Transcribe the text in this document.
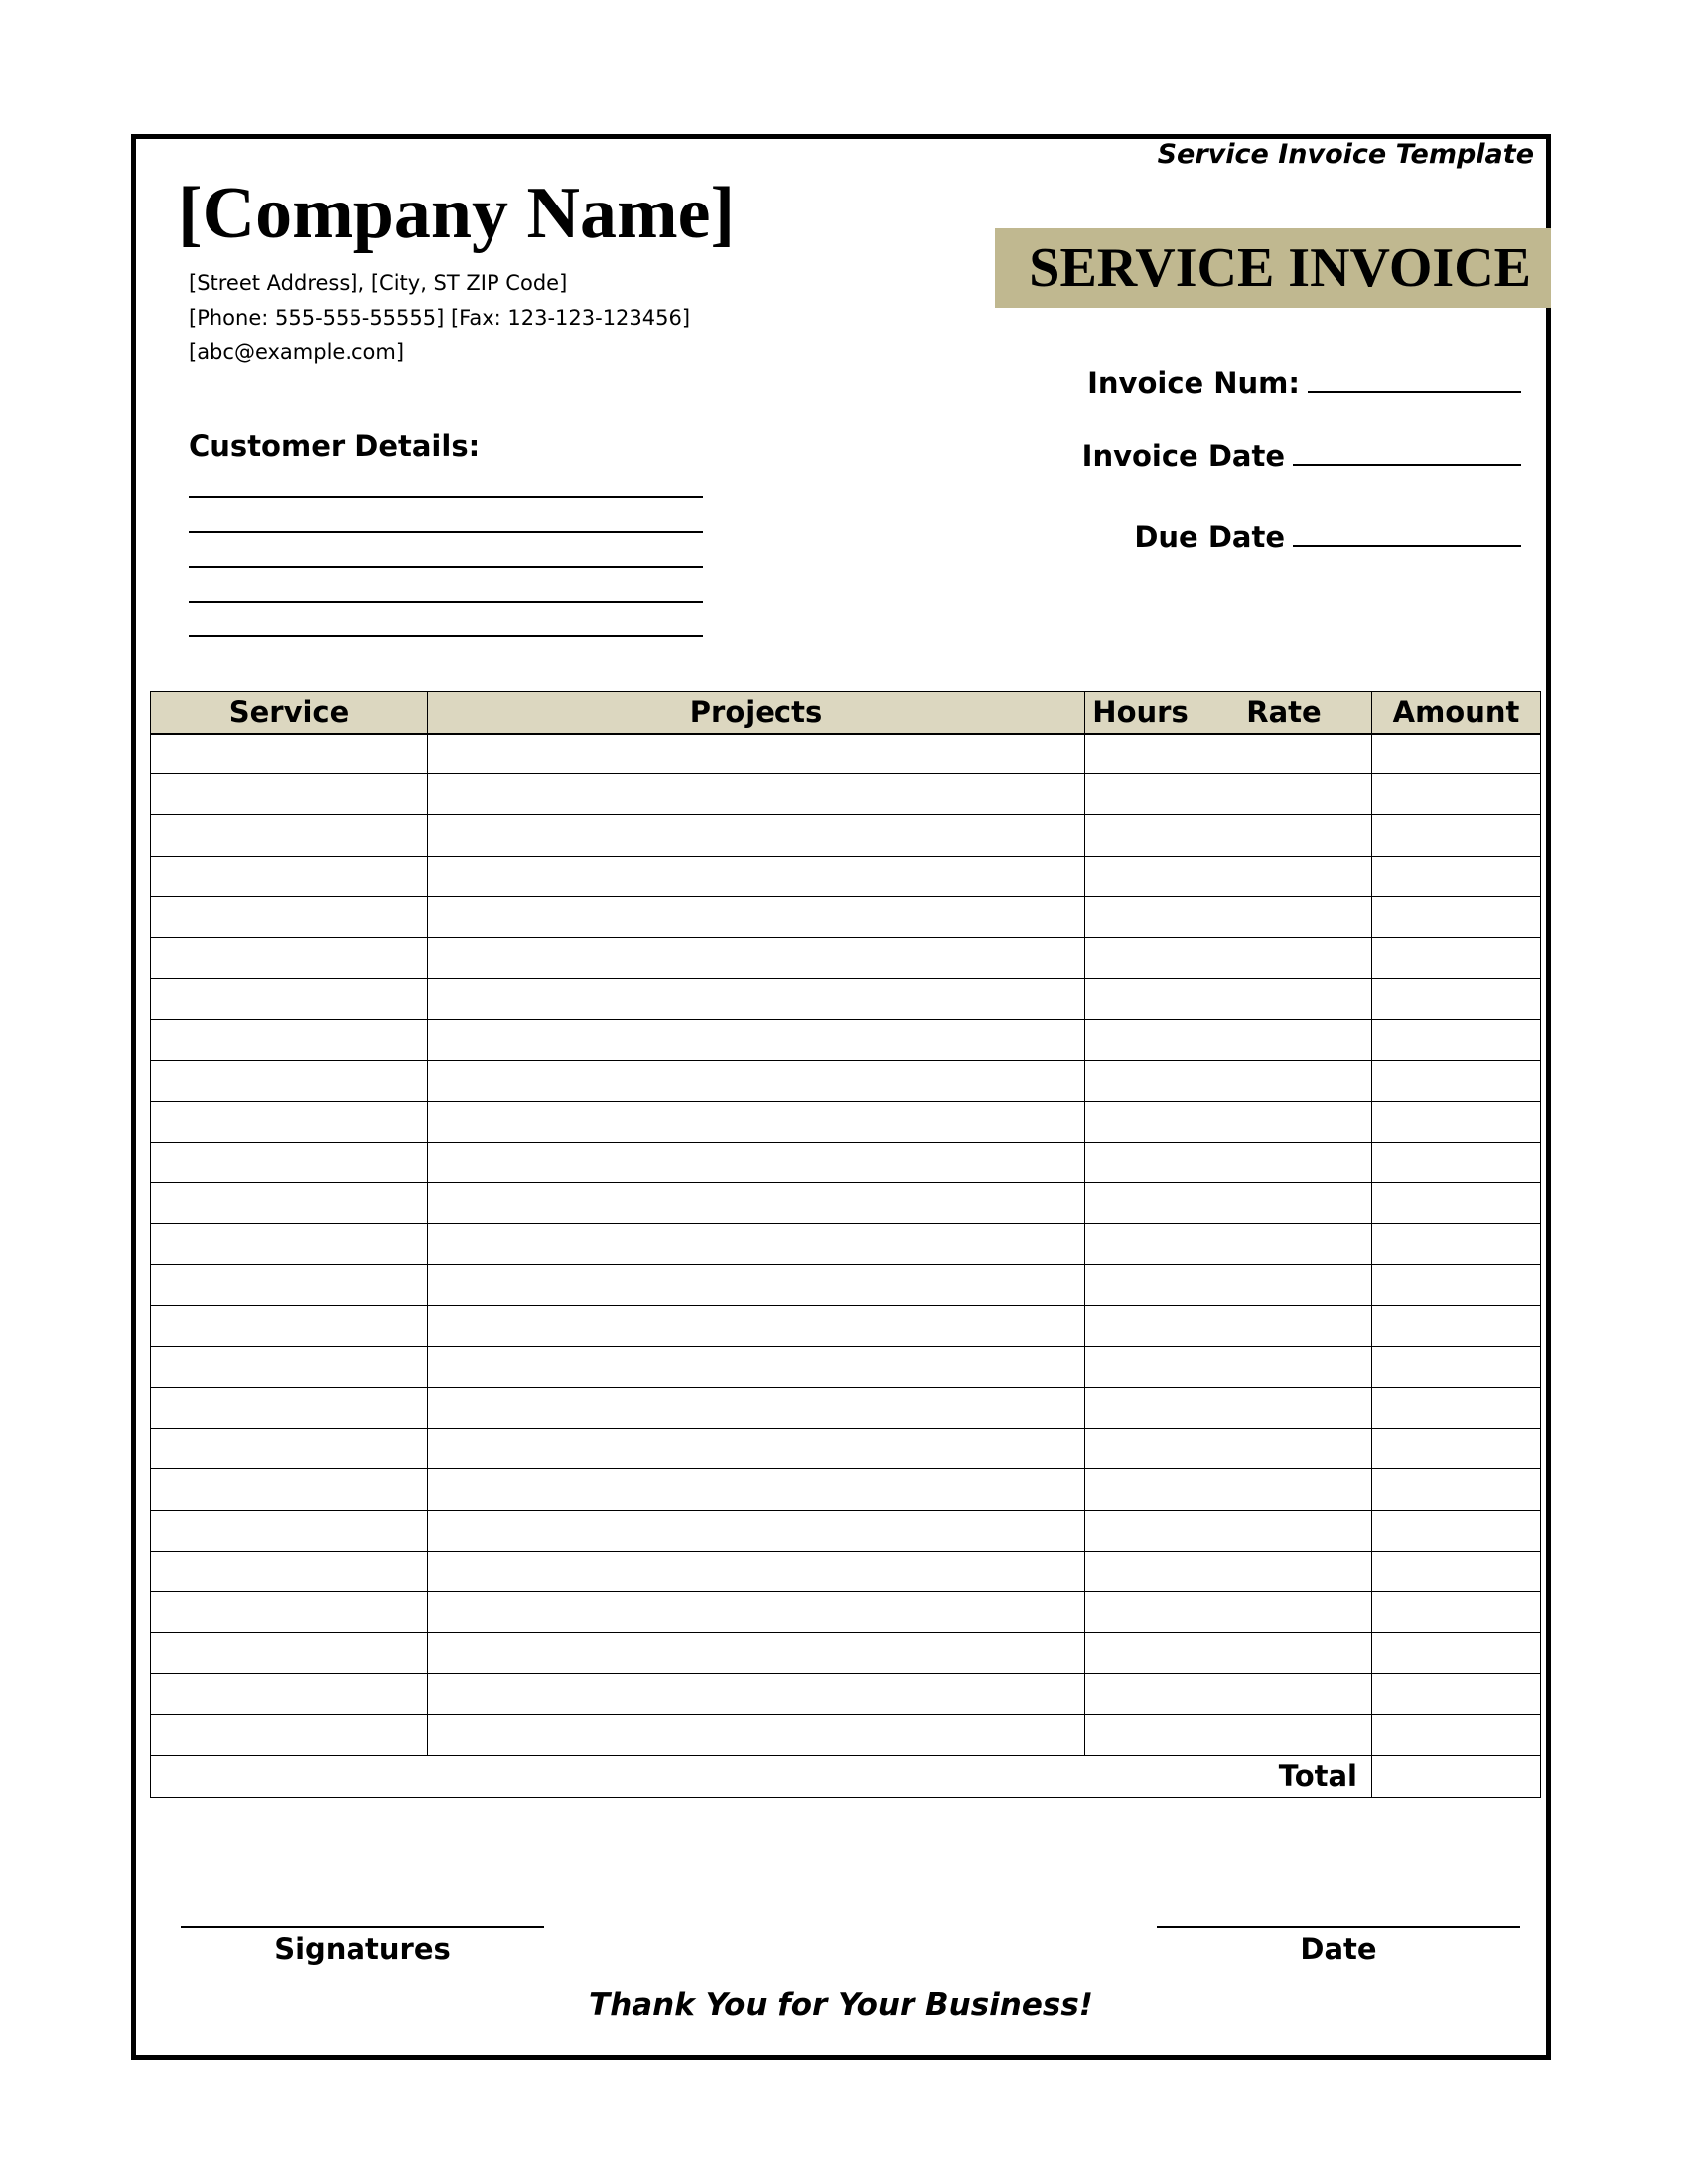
Service Invoice Template
[Company Name]
[Street Address], [City, ST ZIP Code]
[Phone: 555-555-55555] [Fax: 123-123-123456]
[abc@example.com]
SERVICE INVOICE
Invoice Num:
Invoice Date
Due Date
Customer Details:
Service	Projects	Hours	Rate	Amount

Total				
Signatures	Date
Thank You for Your Business!
